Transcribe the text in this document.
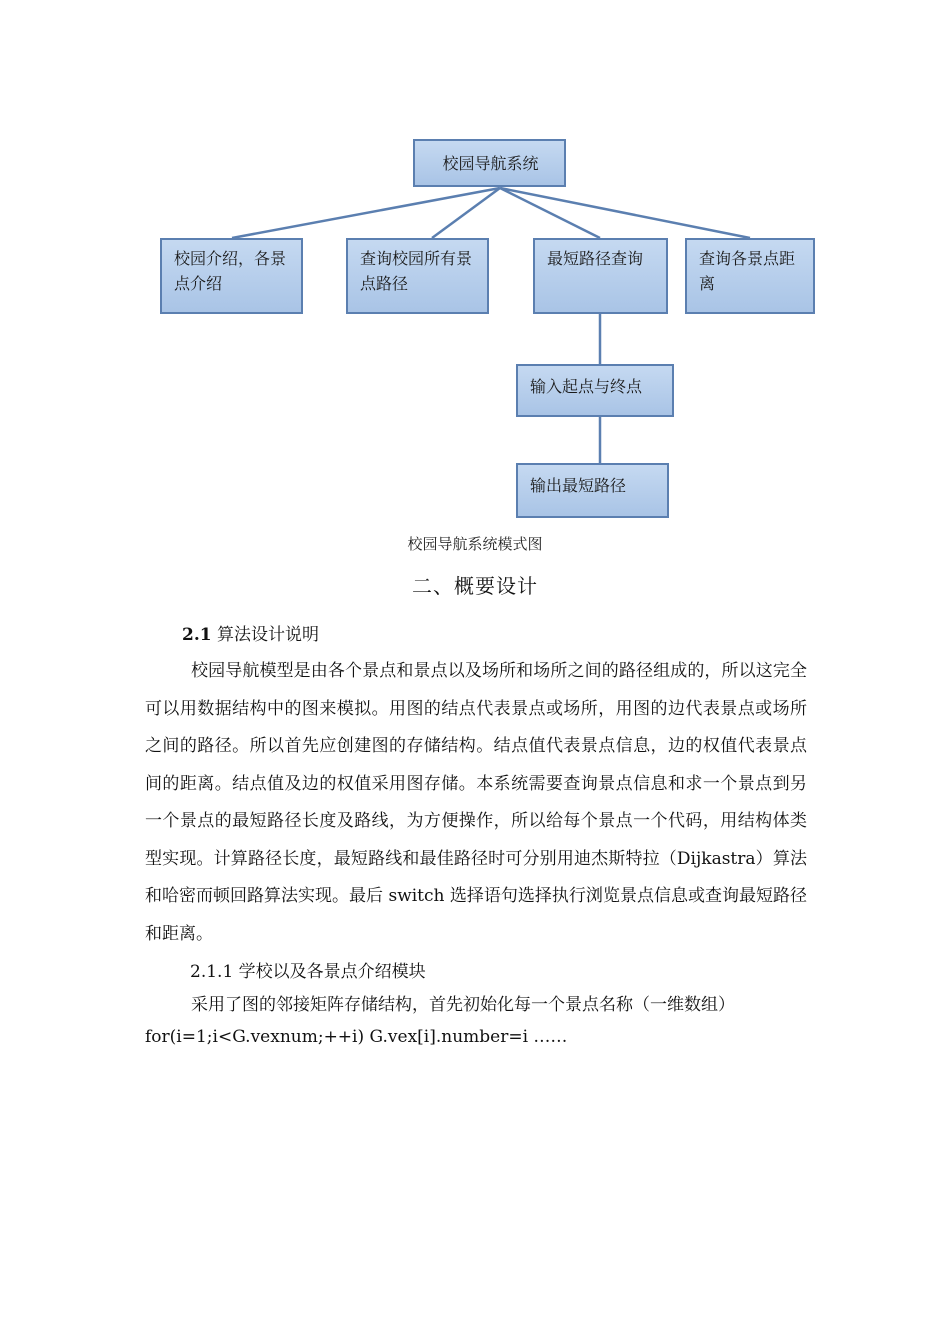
校园导航系统
校园介绍，各景点介绍
查询校园所有景点路径
最短路径查询	查询各景点距离
输入起点与终点
输出最短路径
校园导航系统模式图
二、概要设计
2.1 算法设计说明

校园导航模型是由各个景点和景点以及场所和场所之间的路径组成的，所以这完全可以用数据结构中的图来模拟。用图的结点代表景点或场所，用图的边代表景点或场所之间的路径。所以首先应创建图的存储结构。结点值代表景点信息，边的权值代表景点间的距离。结点值及边的权值采用图存储。本系统需要查询景点信息和求一个景点到另一个景点的最短路径长度及路线，为方便操作，所以给每个景点一个代码，用结构体类型实现。计算路径长度，最短路线和最佳路径时可分别用迪杰斯特拉（Dijkastra）算法和哈密而顿回路算法实现。最后 switch 选择语句选择执行浏览景点信息或查询最短路径和距离。

2.1.1 学校以及各景点介绍模块

采用了图的邻接矩阵存储结构，首先初始化每一个景点名称（一维数组）

for(i=1;i<G.vexnum;++i) G.vex[i].number=i ……
